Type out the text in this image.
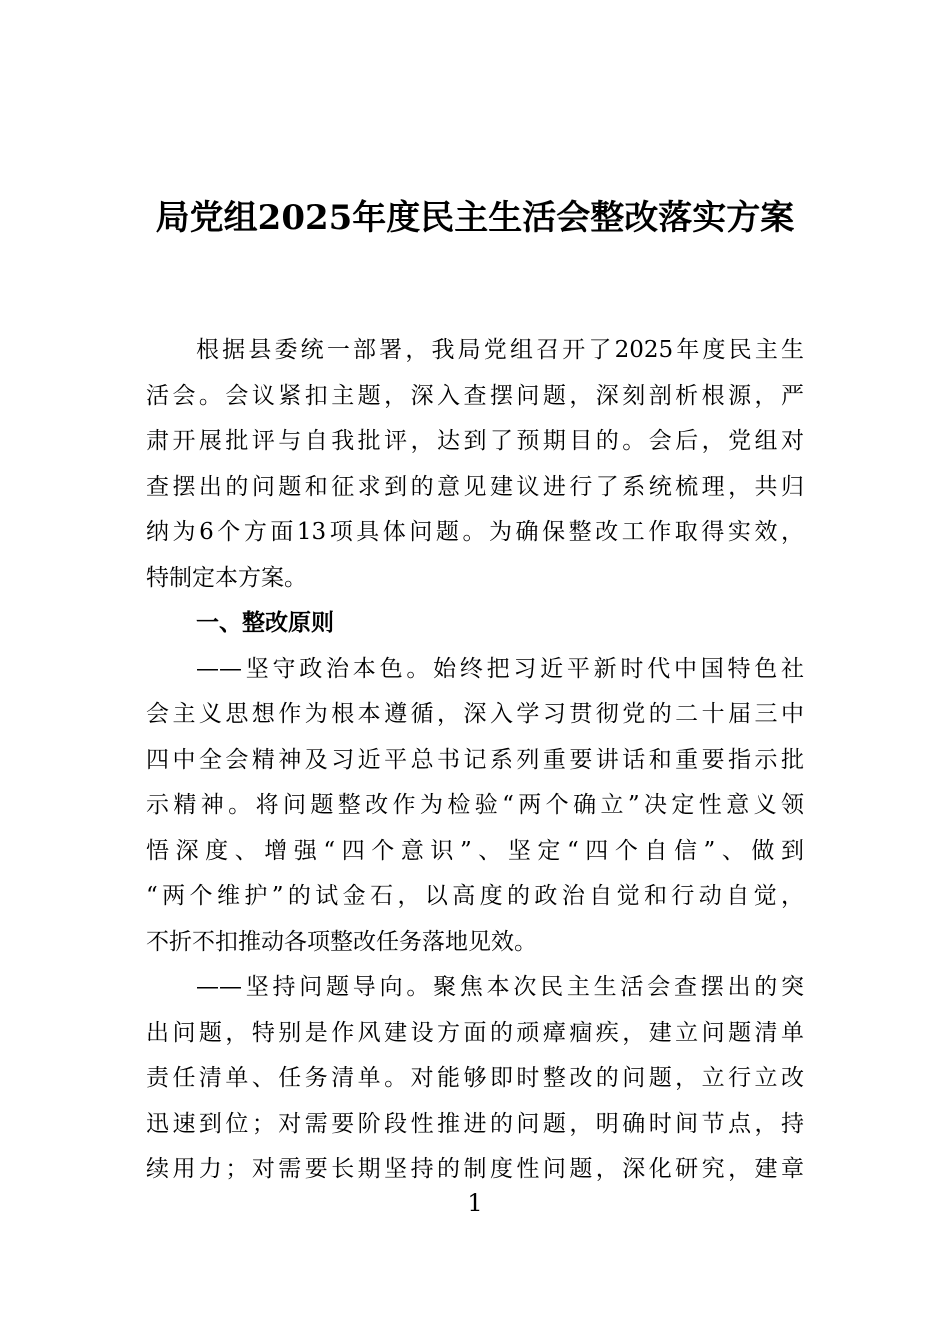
局党组2025年度民主生活会整改落实方案
根据县委统一部署，我局党组召开了2025年度民主生
活会。会议紧扣主题，深入查摆问题，深刻剖析根源，严
肃开展批评与自我批评，达到了预期目的。会后，党组对
查摆出的问题和征求到的意见建议进行了系统梳理，共归
纳为6个方面13项具体问题。为确保整改工作取得实效，
特制定本方案。
一、整改原则
——坚守政治本色。始终把习近平新时代中国特色社
会主义思想作为根本遵循，深入学习贯彻党的二十届三中
四中全会精神及习近平总书记系列重要讲话和重要指示批
示精神。将问题整改作为检验“两个确立”决定性意义领
悟深度、增强“四个意识”、坚定“四个自信”、做到
“两个维护”的试金石，以高度的政治自觉和行动自觉，
不折不扣推动各项整改任务落地见效。
——坚持问题导向。聚焦本次民主生活会查摆出的突
出问题，特别是作风建设方面的顽瘴痼疾，建立问题清单
责任清单、任务清单。对能够即时整改的问题，立行立改
迅速到位；对需要阶段性推进的问题，明确时间节点，持
续用力；对需要长期坚持的制度性问题，深化研究，建章
1
